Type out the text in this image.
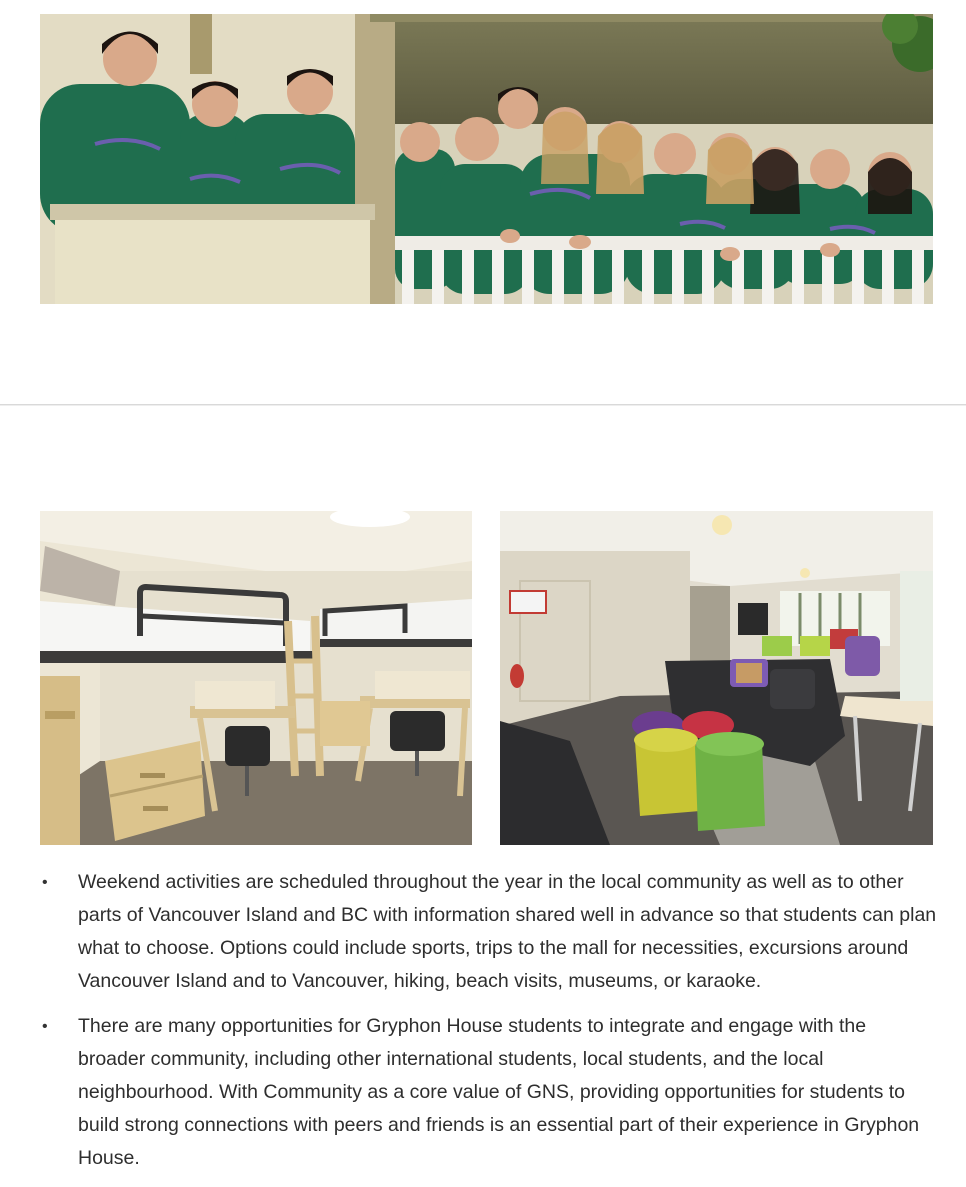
• Weekend activities are scheduled throughout the year in the local community as well as to other parts of Vancouver Island and BC with information shared well in advance so that students can plan what to choose. Options could include sports, trips to the mall for necessities, excursions around Vancouver Island and to Vancouver, hiking, beach visits, museums, or karaoke.
• There are many opportunities for Gryphon House students to integrate and engage with the broader community, including other international students, local students, and the local neighbourhood. With Community as a core value of GNS, providing opportunities for students to build strong connections with peers and friends is an essential part of their experience in Gryphon House.
